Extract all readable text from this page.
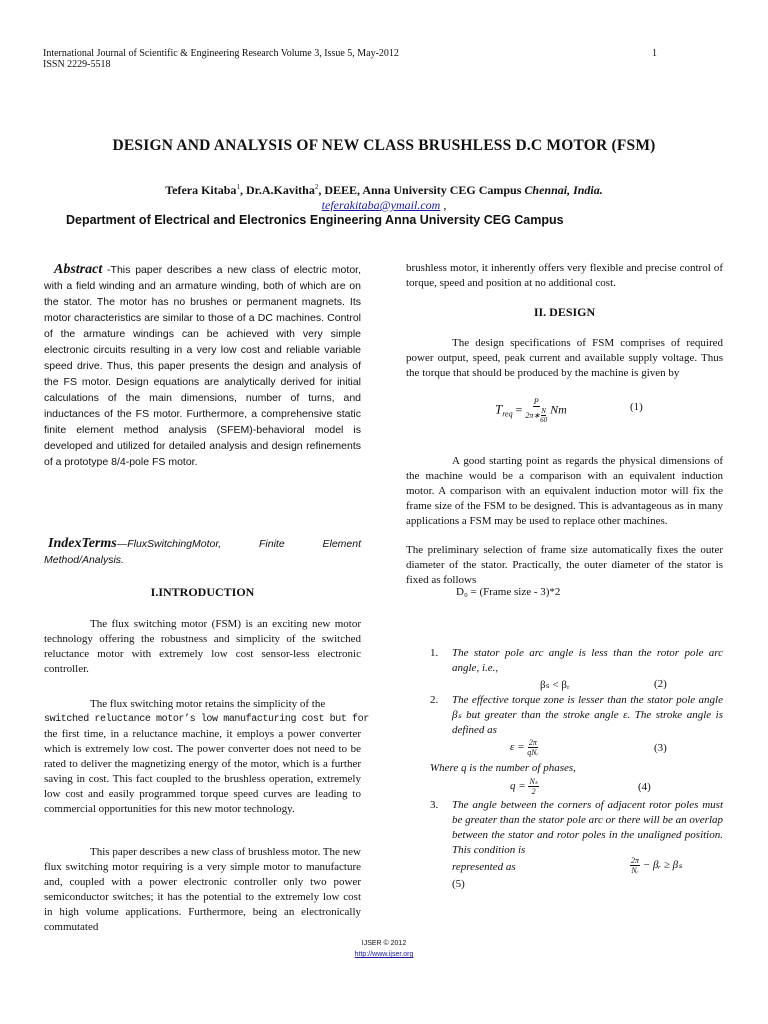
International Journal of Scientific & Engineering Research Volume 3, Issue 5, May-2012
ISSN 2229-5518
1
DESIGN AND ANALYSIS OF NEW CLASS BRUSHLESS D.C MOTOR (FSM)
Tefera Kitaba$^1$, Dr.A.Kavitha$^2$, DEEE, Anna University CEG Campus Chennai, India.
teferakitaba@ymail.com ,
Department of Electrical and Electronics Engineering Anna University CEG Campus
Abstract -This paper describes a new class of electric motor, with a field winding and an armature winding, both of which are on the stator. The motor has no brushes or permanent magnets. Its motor characteristics are similar to those of a DC machines. Control of the armature windings can be achieved with very simple electronic circuits resulting in a very low cost and reliable variable speed drive. Thus, this paper presents the design and analysis of the FS motor. Design equations are analytically derived for initial calculations of the main dimensions, number of turns, and inductances of the FS motor. Furthermore, a comprehensive static finite element method analysis (SFEM)-behavioral model is developed and utilized for detailed analysis and design refinements of a prototype 8/4-pole FS motor.
IndexTerms—FluxSwitchingMotor, Finite Element Method/Analysis.
I.INTRODUCTION
The flux switching motor (FSM) is an exciting new motor technology offering the robustness and simplicity of the switched reluctance motor with extremely low cost sensor-less electronic controller.
The flux switching motor retains the simplicity of the
switched reluctance motor’s low manufacturing cost but for
the first time, in a reluctance machine, it employs a power converter which is extremely low cost. The power converter does not need to be rated to deliver the magnetizing energy of the motor, which is a further saving in cost. This fact coupled to the brushless operation, extremely low cost and easily programmed torque speed curves are leading to commercial opportunities for this new motor technology.
This paper describes a new class of brushless motor. The new flux switching motor requiring is a very simple motor to manufacture and, coupled with a power electronic controller only two power semiconductor switches; it has the potential to the extremely low cost in high volume applications. Furthermore, being an electronically commutated
brushless motor, it inherently offers very flexible and precise control of torque, speed and position at no additional cost.
II. DESIGN
The design specifications of FSM comprises of required power output, speed, peak current and available supply voltage. Thus the torque that should be produced by the machine is given by
$T_{req} = P$
2π∗ N
60 Nm	(1)
A good starting point as regards the physical dimensions of the machine would be a comparison with an equivalent induction motor. A comparison with an equivalent induction motor will fix the frame size of the FSM to be designed. This is advantageous as in many applications a FSM may be used to replace other machines.
The preliminary selection of frame size automatically fixes the outer diameter of the stator. Practically, the outer diameter of the stator is fixed as follows
D₀ = (Frame size - 3)*2
1. The stator pole arc angle is less than the rotor pole arc angle, i.e.,
βₛ < βᵣ	(2)
2. The effective torque zone is lesser than the stator pole angle βₛ but greater than the stroke angle ε. The stroke angle is defined as
$\varepsilon = \frac{2\pi}{\text{qNᵣ}}$	(3)
Where q is the number of phases,
$q = \frac{\text{Nₛ}}{2}$	(4)
3. The angle between the corners of adjacent rotor poles must be greater than the stator pole arc or there will be an overlap between the stator and rotor poles in the unaligned position. This condition is
represented as	$\frac{2\pi}{\text{Nᵣ}}$ − βᵣ ≥ βₛ
(5)
IJSER © 2012
http://www.ijser.org
